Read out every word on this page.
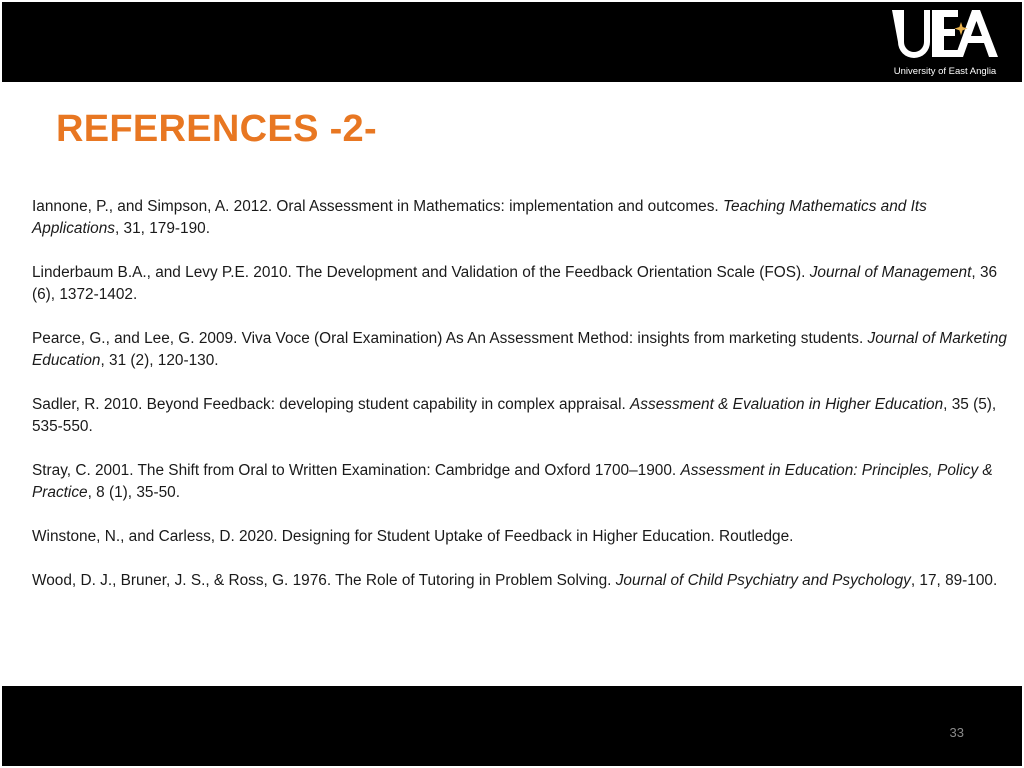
University of East Anglia
REFERENCES -2-

Iannone, P., and Simpson, A. 2012. Oral Assessment in Mathematics: implementation and outcomes. Teaching Mathematics and Its Applications, 31, 179-190.

Linderbaum B.A., and Levy P.E. 2010. The Development and Validation of the Feedback Orientation Scale (FOS). Journal of Management, 36 (6), 1372-1402.

Pearce, G., and Lee, G. 2009. Viva Voce (Oral Examination) As An Assessment Method: insights from marketing students. Journal of Marketing Education, 31 (2), 120-130.

Sadler, R. 2010. Beyond Feedback: developing student capability in complex appraisal. Assessment & Evaluation in Higher Education, 35 (5), 535-550.

Stray, C. 2001. The Shift from Oral to Written Examination: Cambridge and Oxford 1700–1900. Assessment in Education: Principles, Policy & Practice, 8 (1), 35-50.

Winstone, N., and Carless, D. 2020. Designing for Student Uptake of Feedback in Higher Education. Routledge.

Wood, D. J., Bruner, J. S., & Ross, G. 1976. The Role of Tutoring in Problem Solving. Journal of Child Psychiatry and Psychology, 17, 89-100.

33
